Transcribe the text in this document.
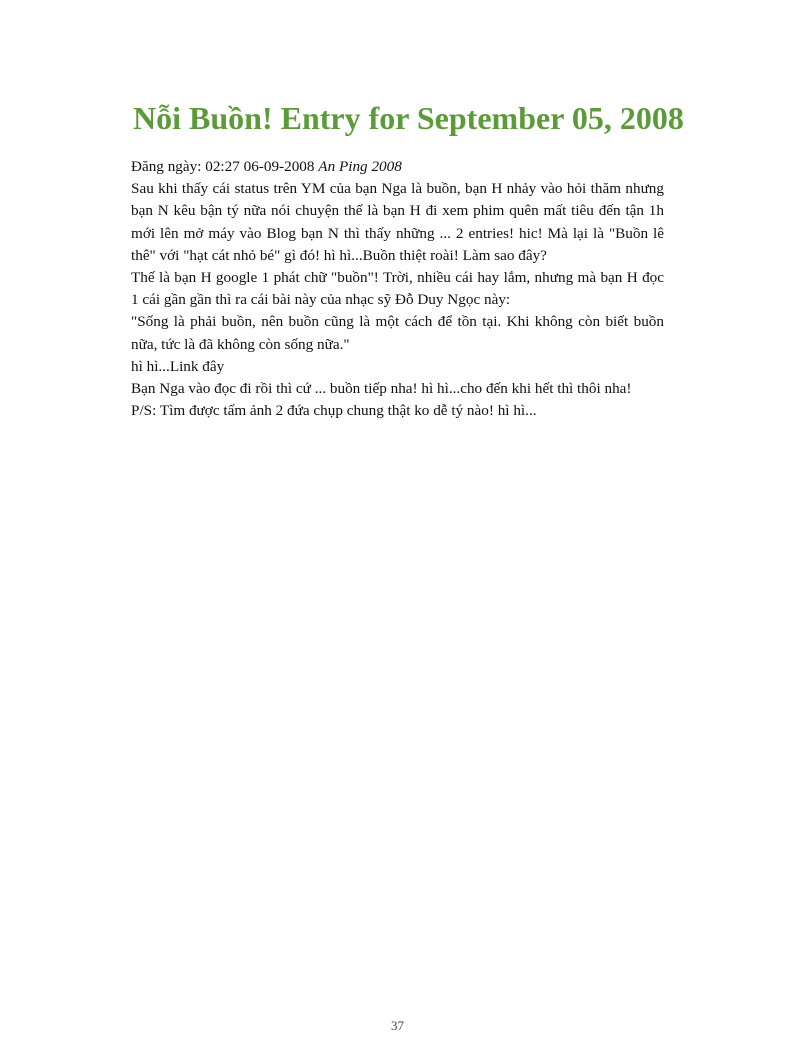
Nỗi Buồn! Entry for September 05, 2008

Đăng ngày: 02:27 06-09-2008 An Ping 2008

Sau khi thấy cái status trên YM của bạn Nga là buồn, bạn H nhảy vào hỏi thăm nhưng bạn N kêu bận tý nữa nói chuyện thế là bạn H đi xem phim quên mất tiêu đến tận 1h mới lên mở máy vào Blog bạn N thì thấy những ... 2 entries! hic! Mà lại là "Buồn lê thê" với "hạt cát nhỏ bé" gì đó! hì hì...Buồn thiệt roài! Làm sao đây?

Thế là bạn H google 1 phát chữ "buồn"! Trời, nhiều cái hay lắm, nhưng mà bạn H đọc 1 cái gần gần thì ra cái bài này của nhạc sỹ Đỗ Duy Ngọc này:

"Sống là phải buồn, nên buồn cũng là một cách để tồn tại. Khi không còn biết buồn nữa, tức là đã không còn sống nữa."

hì hì...Link đây

Bạn Nga vào đọc đi rồi thì cứ ... buồn tiếp nha! hì hì...cho đến khi hết thì thôi nha!

P/S: Tìm được tấm ảnh 2 đứa chụp chung thật ko dễ tý nào! hì hì...

37
